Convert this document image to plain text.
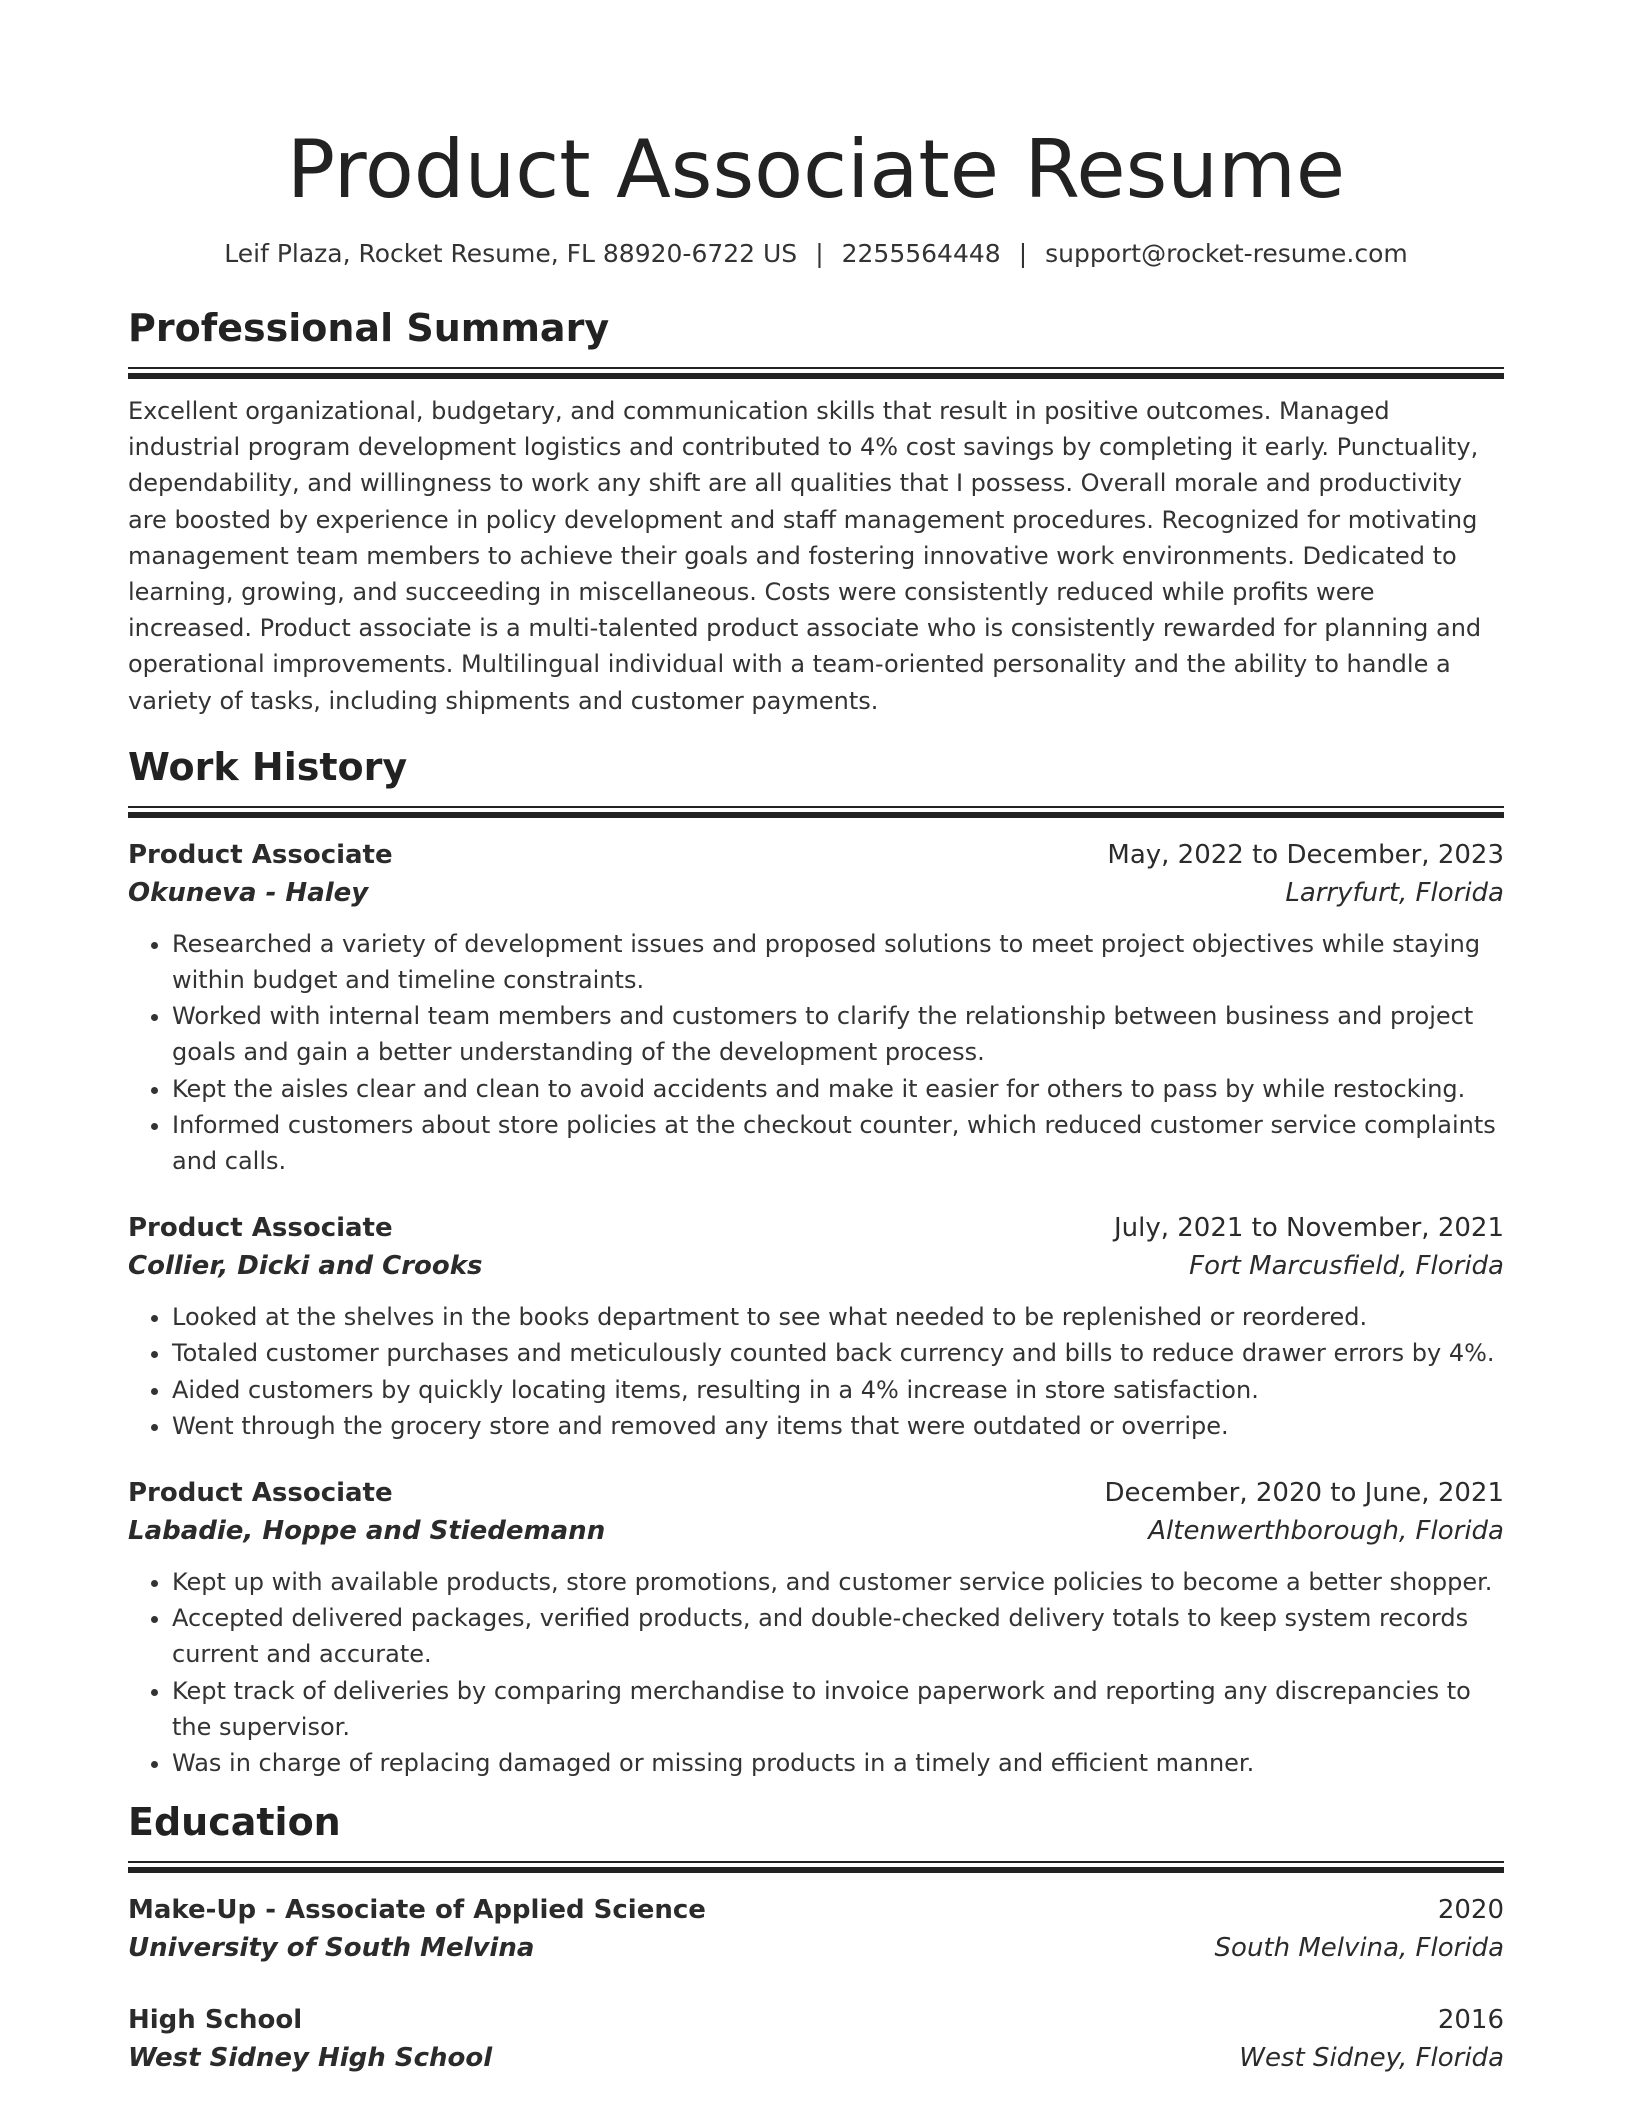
Product Associate Resume
Leif Plaza, Rocket Resume, FL 88920-6722 US | 2255564448 | support@rocket-resume.com
Professional Summary
Excellent organizational, budgetary, and communication skills that result in positive outcomes. Managed industrial program development logistics and contributed to 4% cost savings by completing it early. Punctuality, dependability, and willingness to work any shift are all qualities that I possess. Overall morale and productivity are boosted by experience in policy development and staff management procedures. Recognized for motivating management team members to achieve their goals and fostering innovative work environments. Dedicated to learning, growing, and succeeding in miscellaneous. Costs were consistently reduced while profits were increased. Product associate is a multi-talented product associate who is consistently rewarded for planning and operational improvements. Multilingual individual with a team-oriented personality and the ability to handle a variety of tasks, including shipments and customer payments.
Work History
Product Associate	May, 2022 to December, 2023
Okuneva - Haley	Larryfurt, Florida
• Researched a variety of development issues and proposed solutions to meet project objectives while staying within budget and timeline constraints.
• Worked with internal team members and customers to clarify the relationship between business and project goals and gain a better understanding of the development process.
• Kept the aisles clear and clean to avoid accidents and make it easier for others to pass by while restocking.
• Informed customers about store policies at the checkout counter, which reduced customer service complaints and calls.
Product Associate	July, 2021 to November, 2021
Collier, Dicki and Crooks	Fort Marcusfield, Florida
• Looked at the shelves in the books department to see what needed to be replenished or reordered.
• Totaled customer purchases and meticulously counted back currency and bills to reduce drawer errors by 4%.
• Aided customers by quickly locating items, resulting in a 4% increase in store satisfaction.
• Went through the grocery store and removed any items that were outdated or overripe.
Product Associate	December, 2020 to June, 2021
Labadie, Hoppe and Stiedemann	Altenwerthborough, Florida
• Kept up with available products, store promotions, and customer service policies to become a better shopper.
• Accepted delivered packages, verified products, and double-checked delivery totals to keep system records current and accurate.
• Kept track of deliveries by comparing merchandise to invoice paperwork and reporting any discrepancies to the supervisor.
• Was in charge of replacing damaged or missing products in a timely and efficient manner.
Education
Make-Up - Associate of Applied Science	2020
University of South Melvina	South Melvina, Florida
High School	2016
West Sidney High School	West Sidney, Florida
